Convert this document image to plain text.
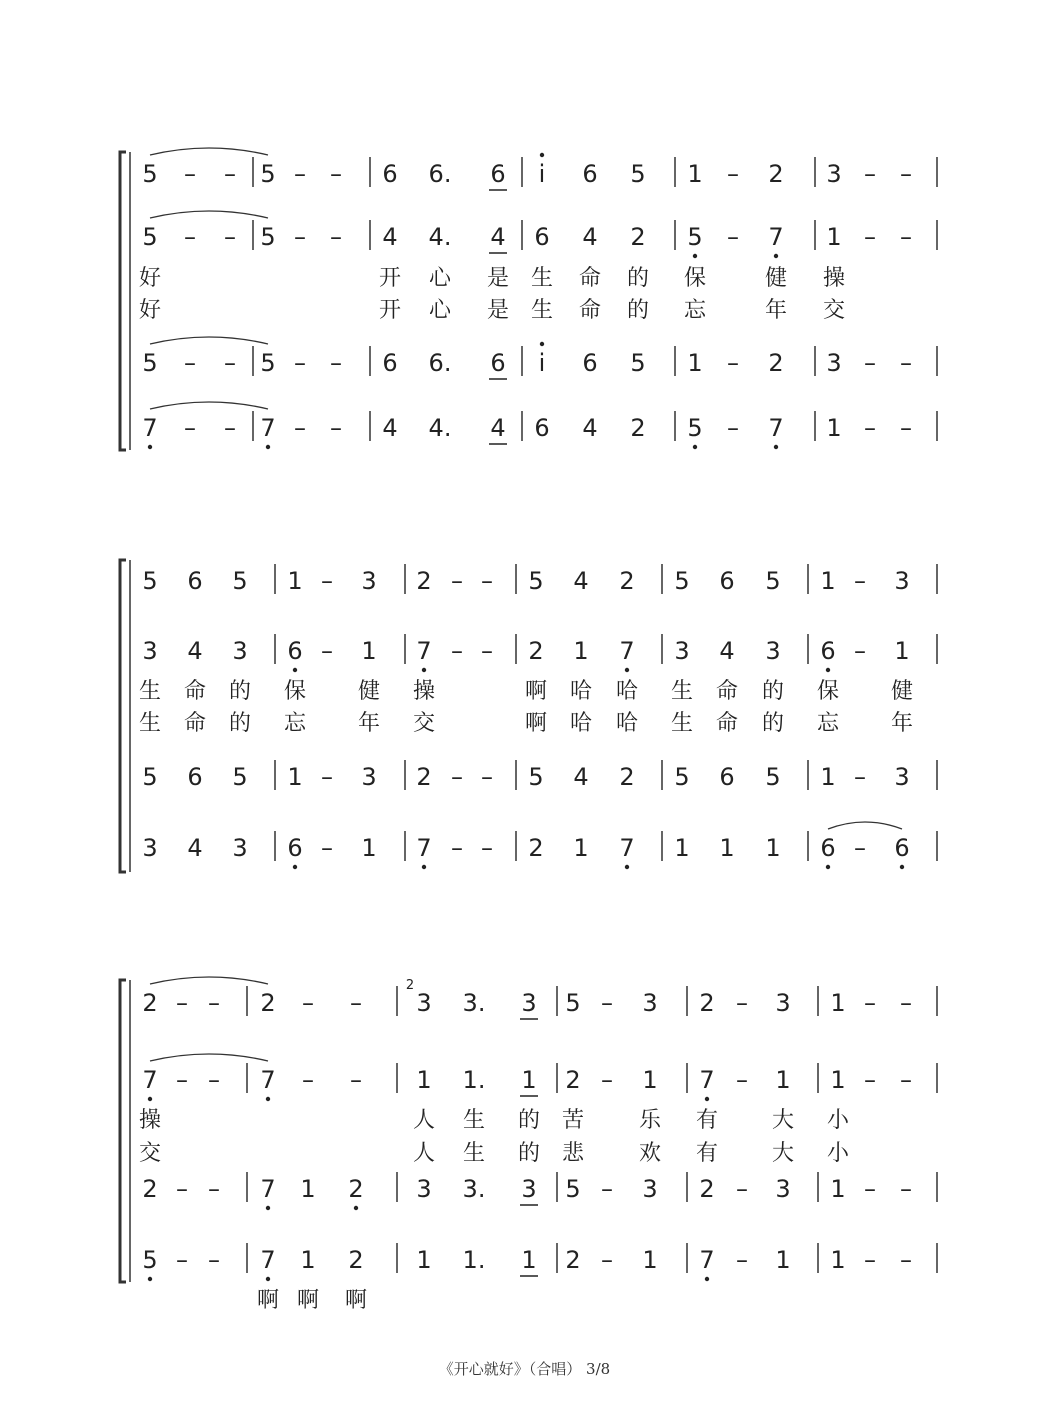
5	–	–	5 –	–	6	6.	6	i	6	5	1	–	2	3 –	–
5	–	–	5 –	–	4	4.	4	6	4	2	5	–	7	1 –	–
5	–	–	5 –	–	6	6.	6	i	6	5	1	–	2	3 –	–
7	–	–	7 –	–	4	4.	4	6	4	2	5	–	7	1 –	–
好	开 心 是 生 命 的 保	健 操
好	开 心 是 生 命 的 忘	年 交
5	6	5	1 –	3	2 – –	5	4	2	5	6	5	1 –	3
3	4	3	6 –	1	7 – –	2	1	7	3	4	3	6 –	1
5	6	5	1 –	3	2 – –	5	4	2	5	6	5	1 –	3
3	4	3	6 –	1	7 – –	2	1	7	1	1	1	6 –	6
生 命 的 保 健 操	啊 哈 哈 生 命 的 保 健
生 命 的 忘 年 交	啊 哈 哈 生 命 的 忘 年
2 – –	2	–	–	3	3.	3	5 –	3	2 –	3	1 –	–
7 – –	7	–	–	1	1.	1	2 –	1	7 –	1	1 –	–
2 – –	7	1	2	3	3.	3	5 –	3	2 –	3	1 –	–
5 – –	7	1	2	1	1.	1	2 –	1	7 –	1	1 –	–
操	人 生 的 苦 乐 有 大 小
交	人 生 的 悲 欢 有 大 小
2
啊 啊 啊
《开心就好》（合唱） 3/8
